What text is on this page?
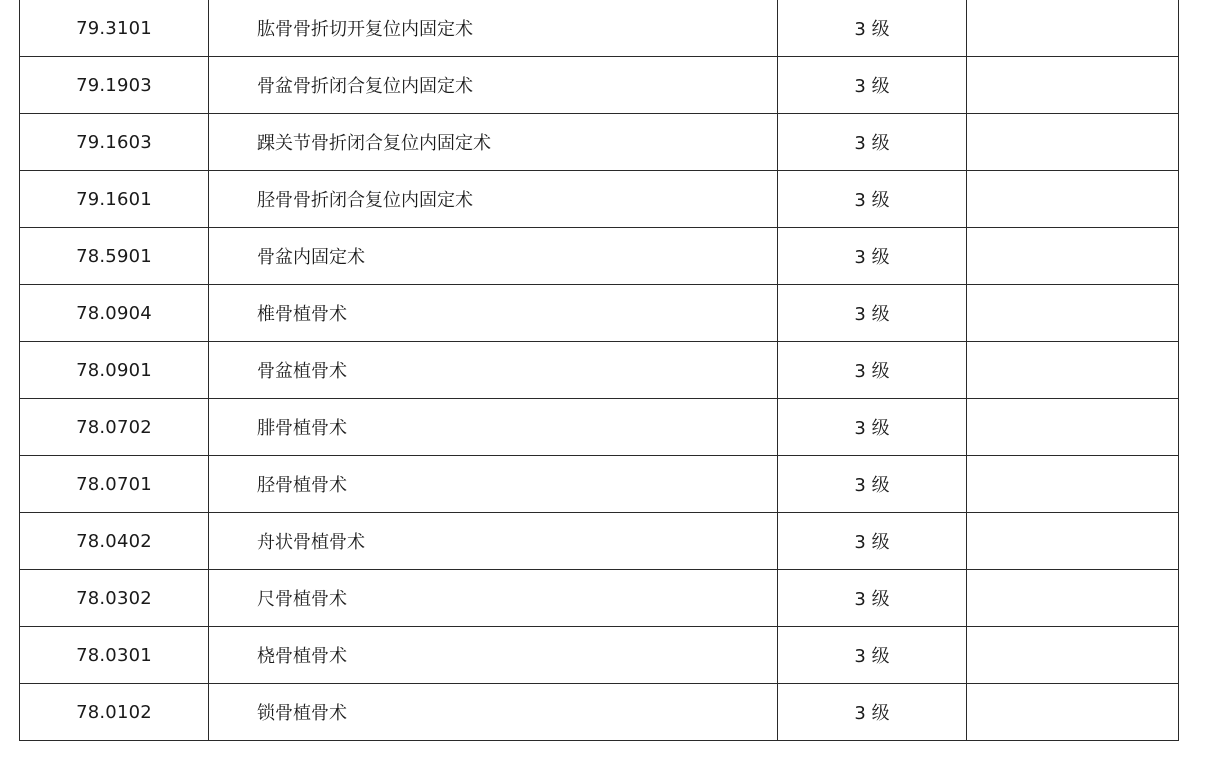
79.3101	肱骨骨折切开复位内固定术	3 级	
79.1903	骨盆骨折闭合复位内固定术	3 级	
79.1603	踝关节骨折闭合复位内固定术	3 级	
79.1601	胫骨骨折闭合复位内固定术	3 级	
78.5901	骨盆内固定术	3 级	
78.0904	椎骨植骨术	3 级	
78.0901	骨盆植骨术	3 级	
78.0702	腓骨植骨术	3 级	
78.0701	胫骨植骨术	3 级	
78.0402	舟状骨植骨术	3 级	
78.0302	尺骨植骨术	3 级	
78.0301	桡骨植骨术	3 级	
78.0102	锁骨植骨术	3 级	
